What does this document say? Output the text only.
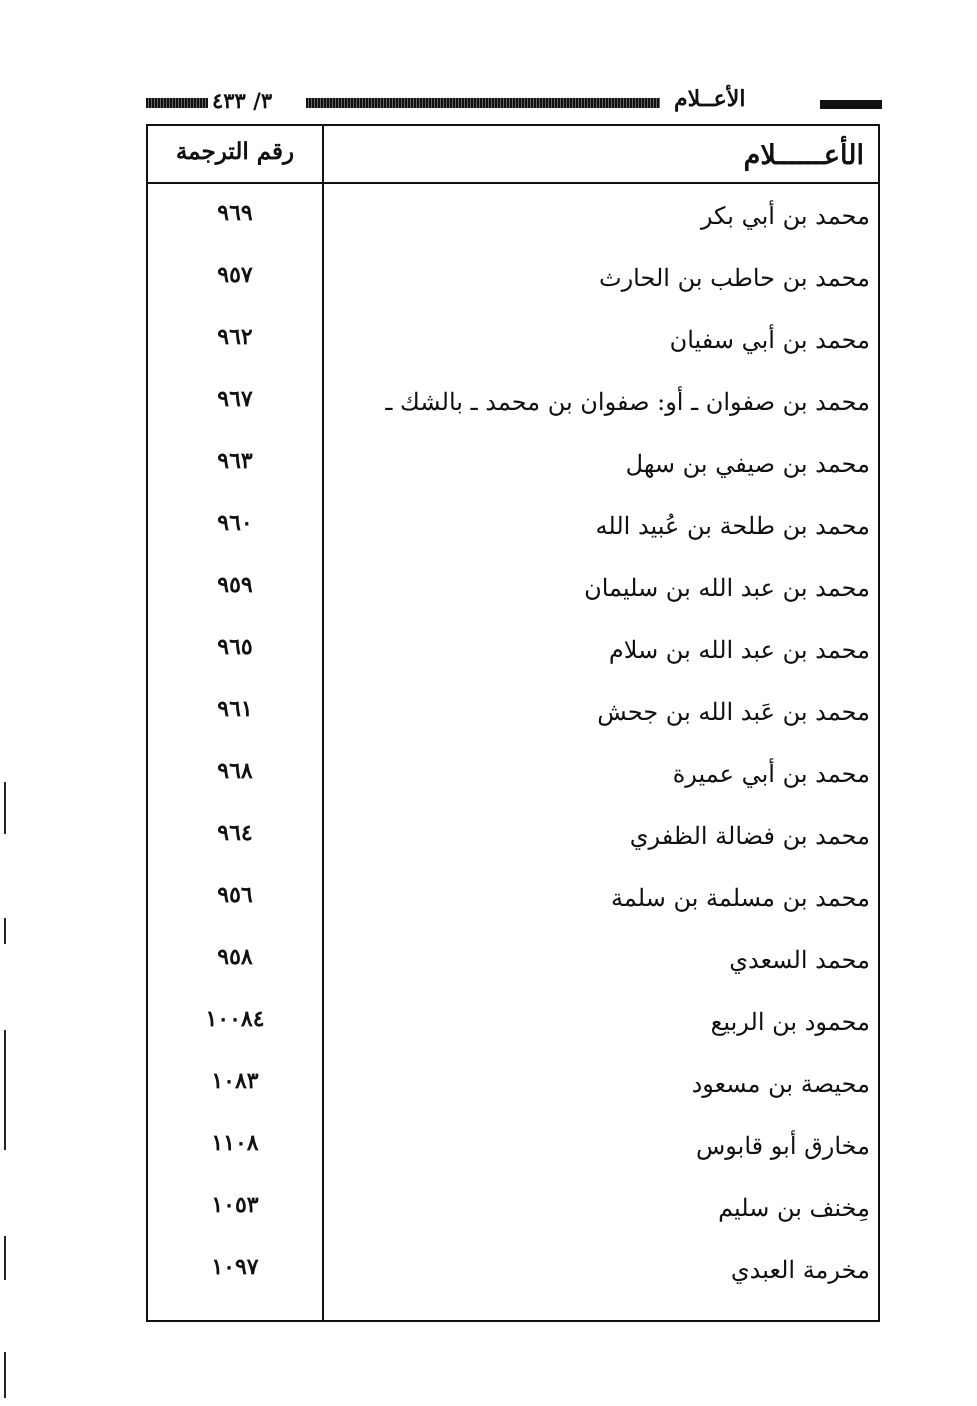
٣/ ٤٣٣	الأعــلام
رقم الترجمة	الأعــــــلام
٩٦٩	محمد بن أبي بكر
٩٥٧	محمد بن حاطب بن الحارث
٩٦٢	محمد بن أبي سفيان
٩٦٧	محمد بن صفوان ـ أو: صفوان بن محمد ـ بالشك ـ
٩٦٣	محمد بن صيفي بن سهل
٩٦٠	محمد بن طلحة بن عُبيد الله
٩٥٩	محمد بن عبد الله بن سليمان
٩٦٥	محمد بن عبد الله بن سلام
٩٦١	محمد بن عَبد الله بن جحش
٩٦٨	محمد بن أبي عميرة
٩٦٤	محمد بن فضالة الظفري
٩٥٦	محمد بن مسلمة بن سلمة
٩٥٨	محمد السعدي
١٠٠٨٤	محمود بن الربيع
١٠٨٣	محيصة بن مسعود
١١٠٨	مخارق أبو قابوس
١٠٥٣	مِخنف بن سليم
١٠٩٧	مخرمة العبدي
